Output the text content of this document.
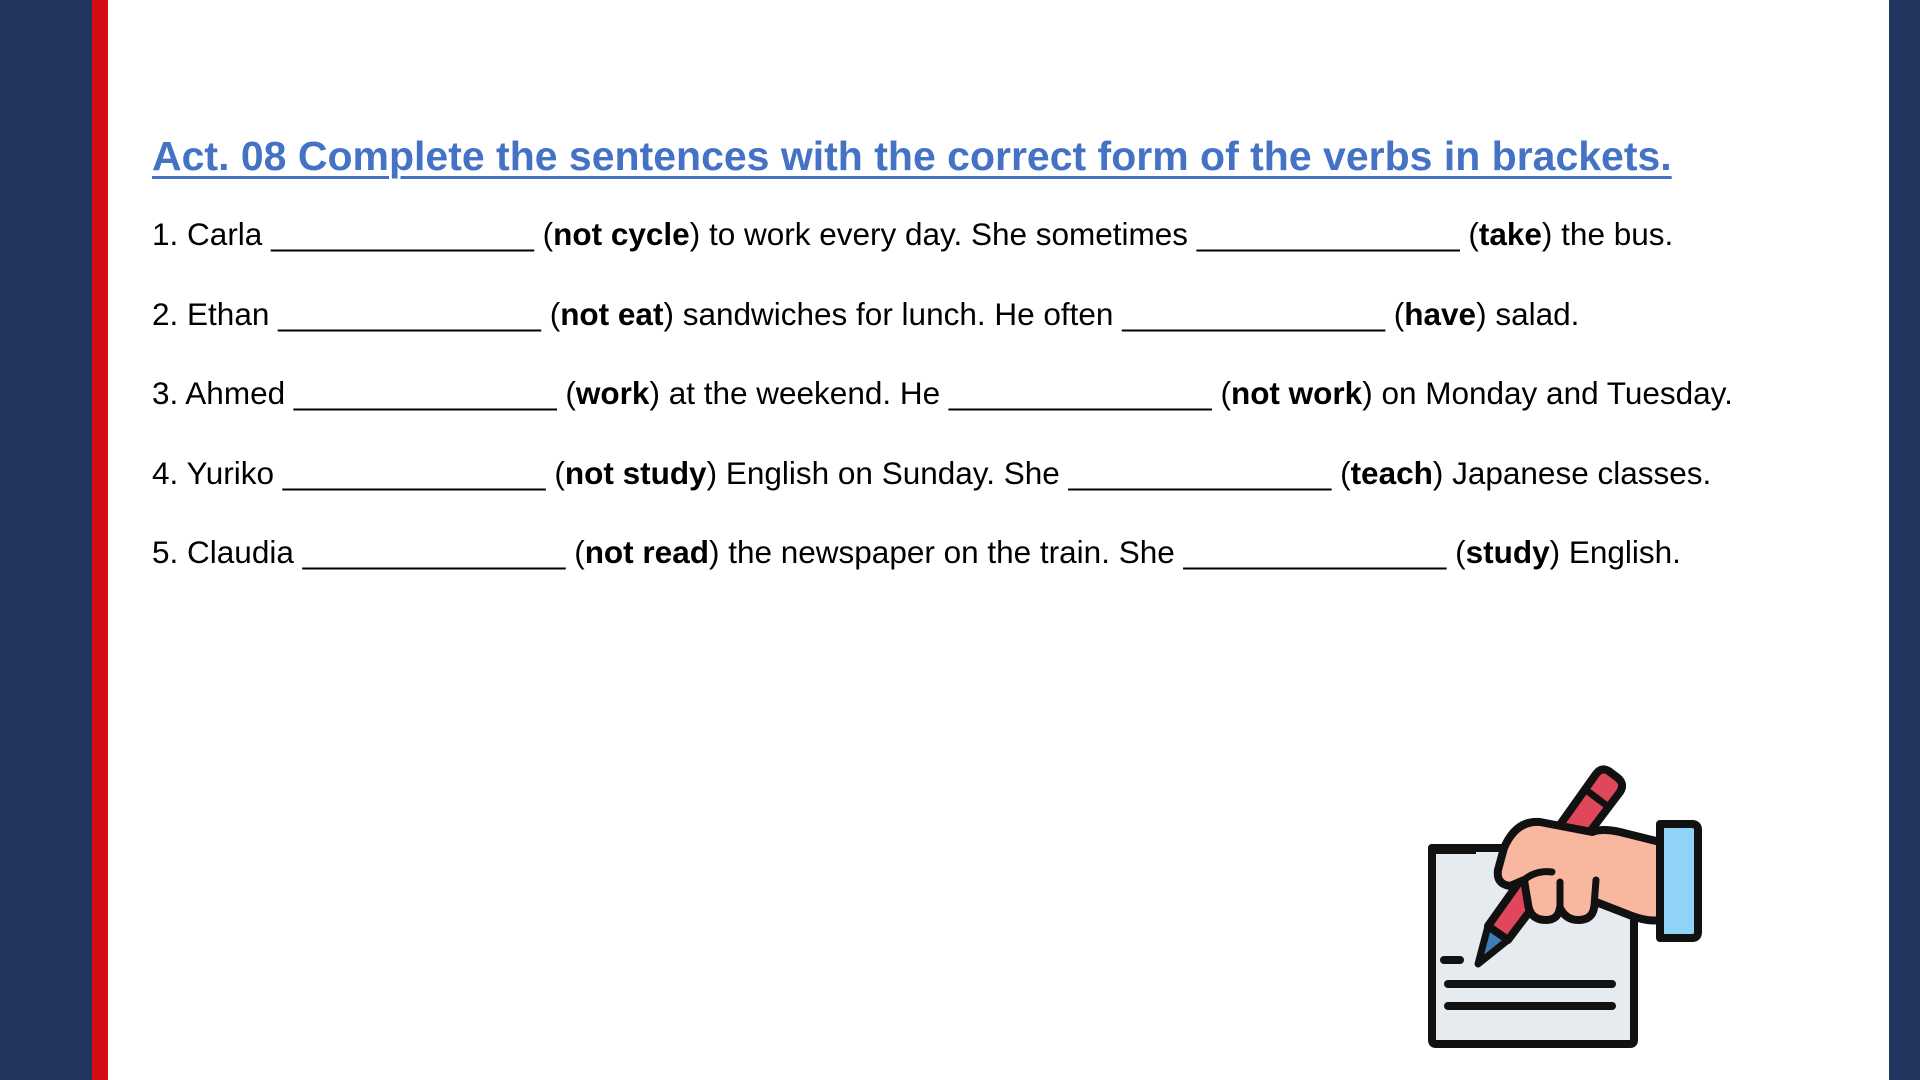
Act. 08 Complete the sentences with the correct form of the verbs in brackets.
1. Carla _______________ (not cycle) to work every day. She sometimes _______________ (take) the bus.
2. Ethan _______________ (not eat) sandwiches for lunch. He often _______________ (have) salad.
3. Ahmed _______________ (work) at the weekend. He _______________ (not work) on Monday and Tuesday.
4. Yuriko _______________ (not study) English on Sunday. She _______________ (teach) Japanese classes.
5. Claudia _______________ (not read) the newspaper on the train. She _______________ (study) English.
